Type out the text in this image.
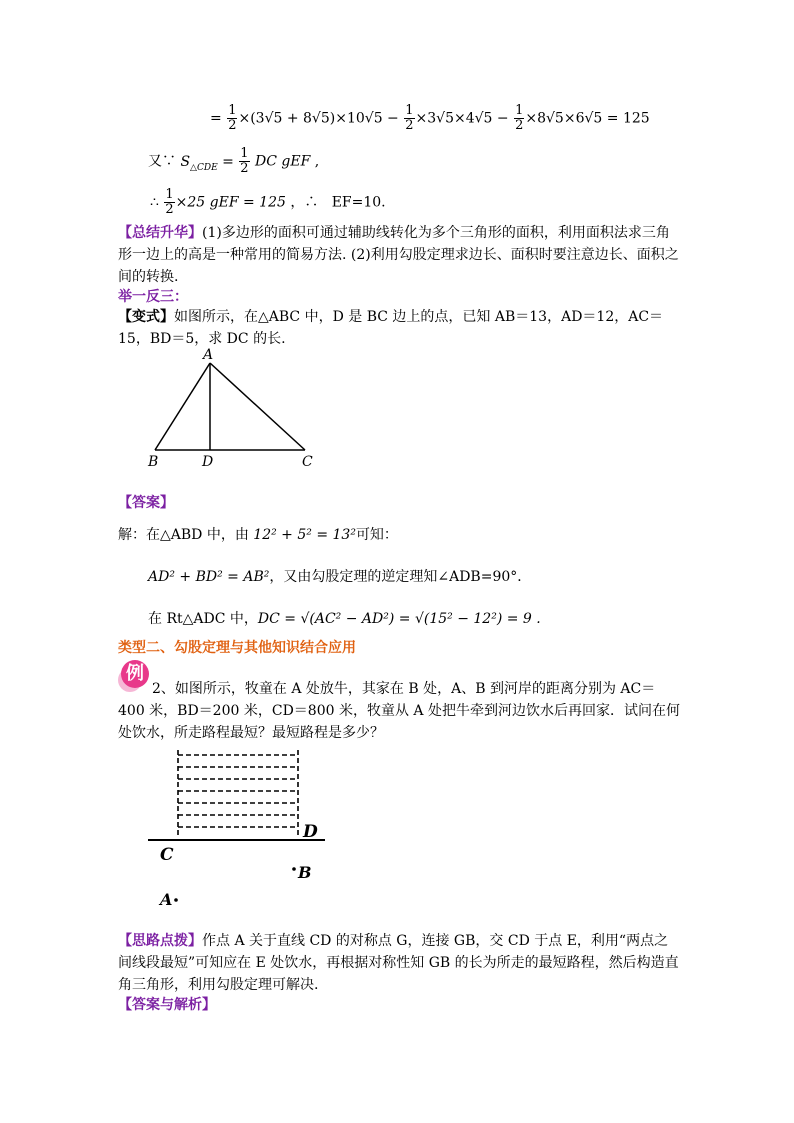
= $\frac{1}{2} \times(3√5 + 8√5)\times 10√5 - \frac{1}{2} \times 3√5\times 4√5 - \frac{1}{2} \times 8√5\times 6√5 = 125$
又∵ $S_{\triangle CDE} = \frac{1}{2}$ DC gEF ,
∴ $\frac{1}{2} \times 25$ gEF = 125 ，∴   EF=10.
【总结升华】(1)多边形的面积可通过辅助线转化为多个三角形的面积，利用面积法求三角形一边上的高是一种常用的简易方法. (2)利用勾股定理求边长、面积时要注意边长、面积之间的转换.
举一反三：
【变式】如图所示，在△ABC 中，D 是 BC 边上的点，已知 AB＝13，AD＝12，AC＝15，BD＝5，求 DC 的长.
A
B	D	C
【答案】
解：在△ABD 中，由 12² + 5² = 13²可知：
AD² + BD² = AB²，又由勾股定理的逆定理知∠ADB=90°．
在 Rt△ADC 中，DC = √(AC² − AD²) = √(15² − 12²) = 9 .
类型二、勾股定理与其他知识结合应用
例
2、如图所示，牧童在 A 处放牛，其家在 B 处，A、B 到河岸的距离分别为 AC＝400 米，BD＝200 米，CD＝800 米，牧童从 A 处把牛牵到河边饮水后再回家．试问在何处饮水，所走路程最短？最短路程是多少？
C
D
B
A
【思路点拨】作点 A 关于直线 CD 的对称点 G，连接 GB，交 CD 于点 E，利用“两点之间线段最短”可知应在 E 处饮水，再根据对称性知 GB 的长为所走的最短路程，然后构造直角三角形，利用勾股定理可解决.
【答案与解析】
